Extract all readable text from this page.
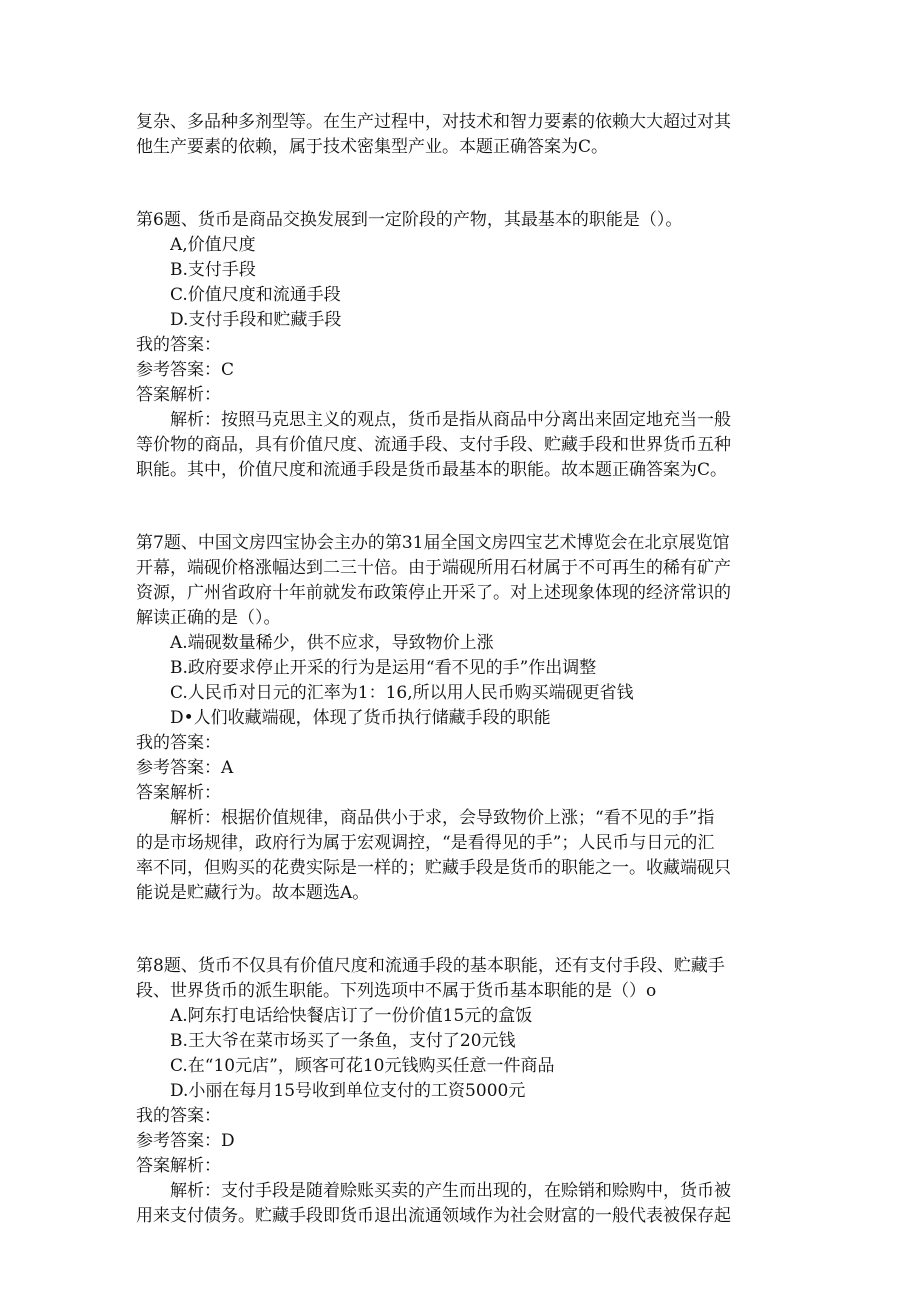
复杂、多品种多剂型等。在生产过程中，对技术和智力要素的依赖大大超过对其
他生产要素的依赖，属于技术密集型产业。本题正确答案为C。
第6题、货币是商品交换发展到一定阶段的产物，其最基本的职能是（）。
A,价值尺度
B.支付手段
C.价值尺度和流通手段
D.支付手段和贮藏手段
我的答案：
参考答案：C
答案解析：
解析：按照马克思主义的观点，货币是指从商品中分离出来固定地充当一般
等价物的商品，具有价值尺度、流通手段、支付手段、贮藏手段和世界货币五种
职能。其中，价值尺度和流通手段是货币最基本的职能。故本题正确答案为C。
第7题、中国文房四宝协会主办的第31届全国文房四宝艺术博览会在北京展览馆
开幕，端砚价格涨幅达到二三十倍。由于端砚所用石材属于不可再生的稀有矿产
资源，广州省政府十年前就发布政策停止开采了。对上述现象体现的经济常识的
解读正确的是（）。
A.端砚数量稀少，供不应求，导致物价上涨
B.政府要求停止开采的行为是运用“看不见的手”作出调整
C.人民币对日元的汇率为1：16,所以用人民币购买端砚更省钱
D•人们收藏端砚，体现了货币执行储藏手段的职能
我的答案：
参考答案：A
答案解析：
解析：根据价值规律，商品供小于求，会导致物价上涨；“看不见的手”指
的是市场规律，政府行为属于宏观调控，“是看得见的手”；人民币与日元的汇
率不同，但购买的花费实际是一样的；贮藏手段是货币的职能之一。收藏端砚只
能说是贮藏行为。故本题选A。
第8题、货币不仅具有价值尺度和流通手段的基本职能，还有支付手段、贮藏手
段、世界货币的派生职能。下列选项中不属于货币基本职能的是（）o
A.阿东打电话给快餐店订了一份价值15元的盒饭
B.王大爷在菜市场买了一条鱼，支付了20元钱
C.在“10元店”，顾客可花10元钱购买任意一件商品
D.小丽在每月15号收到单位支付的工资5000元
我的答案：
参考答案：D
答案解析：
解析：支付手段是随着赊账买卖的产生而出现的，在赊销和赊购中，货币被
用来支付债务。贮藏手段即货币退出流通领域作为社会财富的一般代表被保存起
